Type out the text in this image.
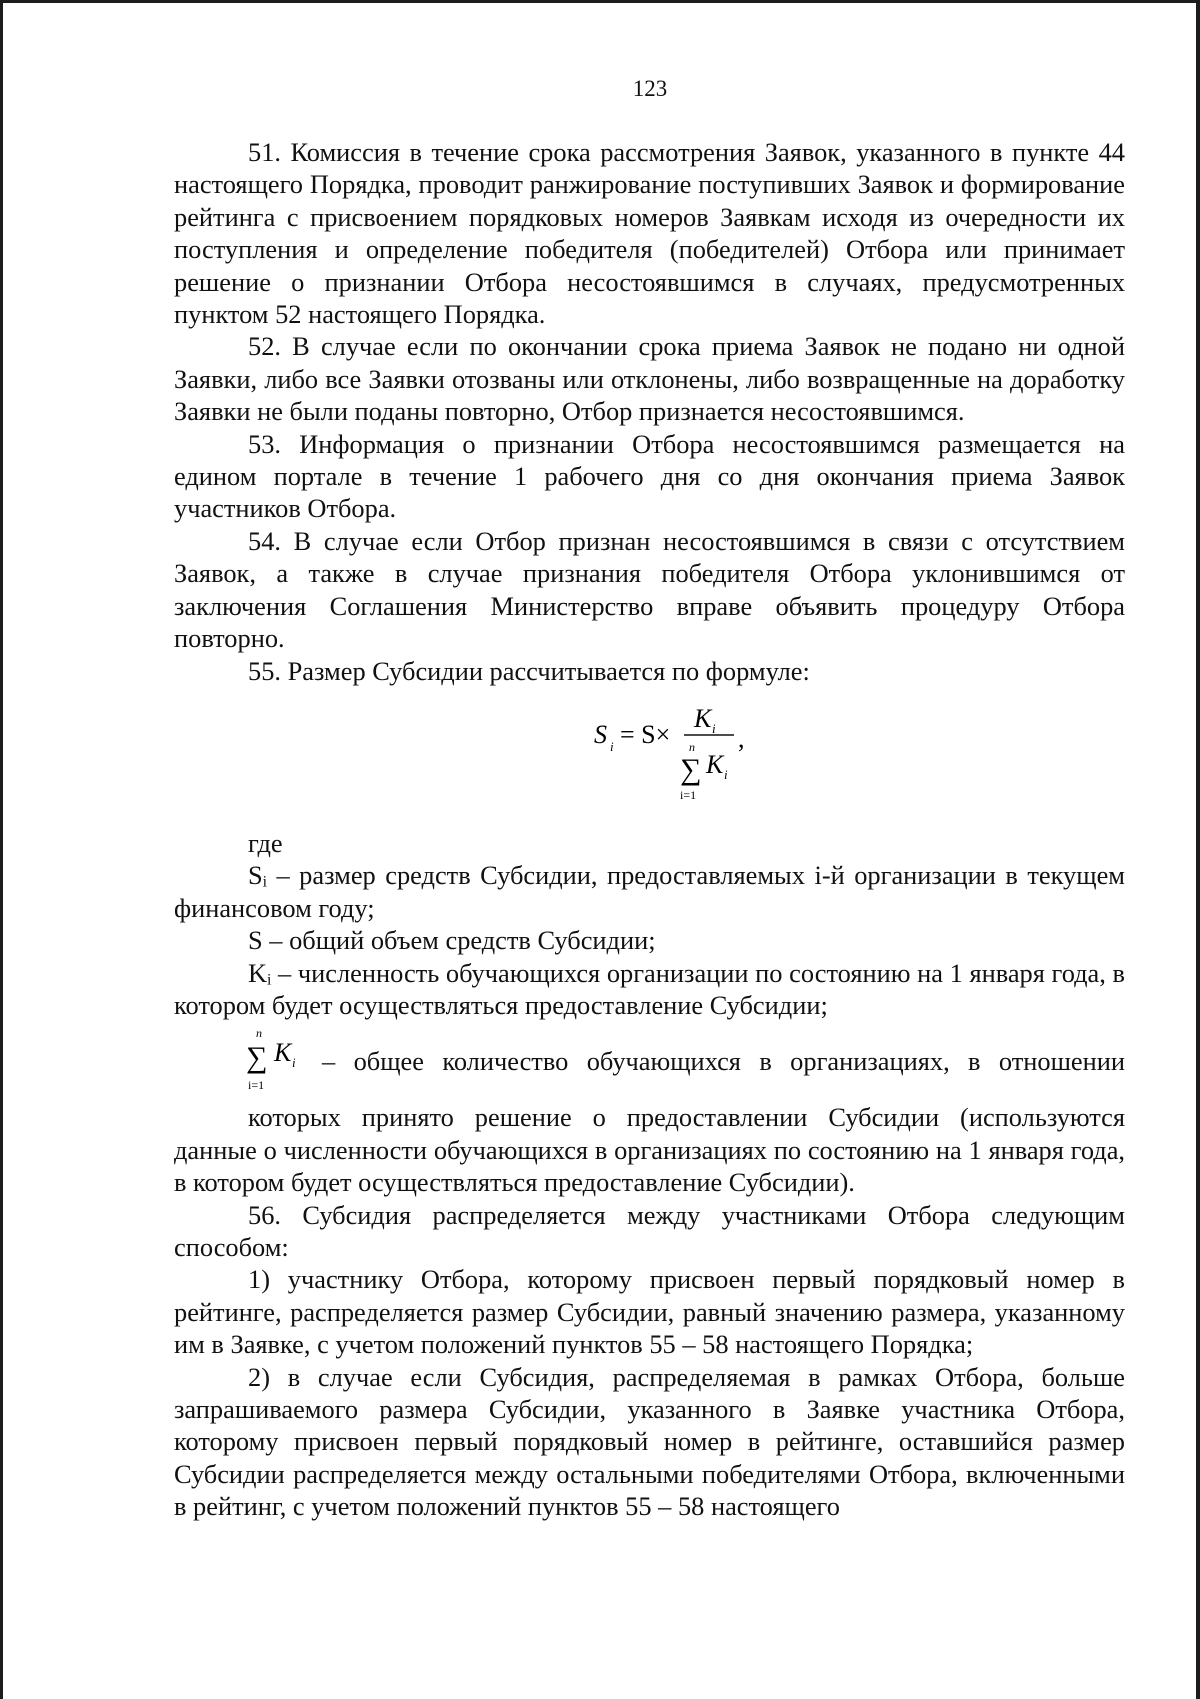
123

51. Комиссия в течение срока рассмотрения Заявок, указанного в пункте 44 настоящего Порядка, проводит ранжирование поступивших Заявок и формирование рейтинга с присвоением порядковых номеров Заявкам исходя из очередности их поступления и определение победителя (победителей) Отбора или принимает решение о признании Отбора несостоявшимся в случаях, предусмотренных пунктом 52 настоящего Порядка.

52. В случае если по окончании срока приема Заявок не подано ни одной Заявки, либо все Заявки отозваны или отклонены, либо возвращенные на доработку Заявки не были поданы повторно, Отбор признается несостоявшимся.

53. Информация о признании Отбора несостоявшимся размещается на едином портале в течение 1 рабочего дня со дня окончания приема Заявок участников Отбора.

54. В случае если Отбор признан несостоявшимся в связи с отсутствием Заявок, а также в случае признания победителя Отбора уклонившимся от заключения Соглашения Министерство вправе объявить процедуру Отбора повторно.

55. Размер Субсидии рассчитывается по формуле:

S i = S×
K i
n
∑
i=1
K i
,

где

Sᵢ – размер средств Субсидии, предоставляемых i-й организации в текущем финансовом году;

S – общий объем средств Субсидии;

Kᵢ – численность обучающихся организации по состоянию на 1 января года, в котором будет осуществляться предоставление Субсидии;

n
∑
i=1
K i – общее количество обучающихся в организациях, в отношении

которых принято решение о предоставлении Субсидии (используются данные о численности обучающихся в организациях по состоянию на 1 января года, в котором будет осуществляться предоставление Субсидии).

56. Субсидия распределяется между участниками Отбора следующим способом:

1) участнику Отбора, которому присвоен первый порядковый номер в рейтинге, распределяется размер Субсидии, равный значению размера, указанному им в Заявке, с учетом положений пунктов 55 – 58 настоящего Порядка;

2) в случае если Субсидия, распределяемая в рамках Отбора, больше запрашиваемого размера Субсидии, указанного в Заявке участника Отбора, которому присвоен первый порядковый номер в рейтинге, оставшийся размер Субсидии распределяется между остальными победителями Отбора, включенными в рейтинг, с учетом положений пунктов 55 – 58 настоящего
